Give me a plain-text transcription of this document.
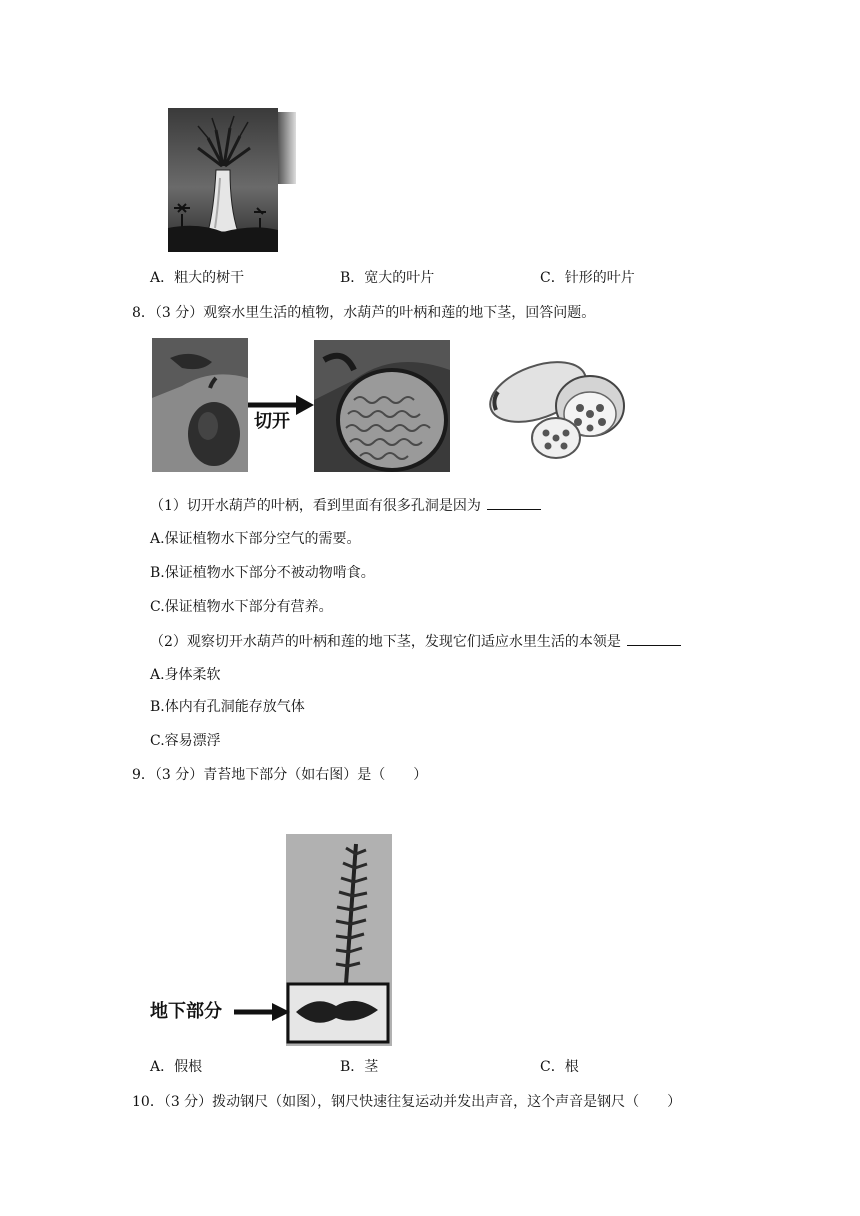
A．粗大的树干	B．宽大的叶片	C．针形的叶片
8．（3 分）观察水里生活的植物，水葫芦的叶柄和莲的地下茎，回答问题。
切开
（1）切开水葫芦的叶柄，看到里面有很多孔洞是因为
A.保证植物水下部分空气的需要。
B.保证植物水下部分不被动物啃食。
C.保证植物水下部分有营养。
（2）观察切开水葫芦的叶柄和莲的地下茎，发现它们适应水里生活的本领是
A.身体柔软
B.体内有孔洞能存放气体
C.容易漂浮
9．（3 分）青苔地下部分（如右图）是（　　）
地下部分
A．假根	B．茎	C．根
10．（3 分）拨动钢尺（如图），钢尺快速往复运动并发出声音，这个声音是钢尺（　　）
